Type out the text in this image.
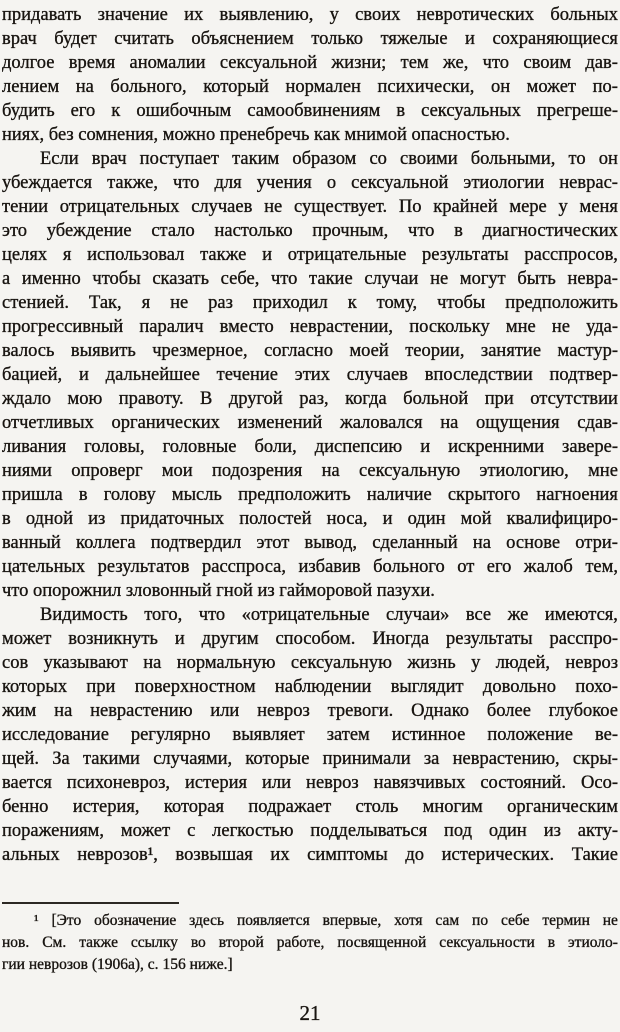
придавать значение их выявлению, у своих невротических больных
врач будет считать объяснением только тяжелые и сохраняющиеся
долгое время аномалии сексуальной жизни; тем же, что своим дав-
лением на больного, который нормален психически, он может по-
будить его к ошибочным самообвинениям в сексуальных прегреше-
ниях, без сомнения, можно пренебречь как мнимой опасностью.
Если врач поступает таким образом со своими больными, то он
убеждается также, что для учения о сексуальной этиологии неврас-
тении отрицательных случаев не существует. По крайней мере у меня
это убеждение стало настолько прочным, что в диагностических
целях я использовал также и отрицательные результаты расспросов,
а именно чтобы сказать себе, что такие случаи не могут быть невра-
стенией. Так, я не раз приходил к тому, чтобы предположить
прогрессивный паралич вместо неврастении, поскольку мне не уда-
валось выявить чрезмерное, согласно моей теории, занятие мастур-
бацией, и дальнейшее течение этих случаев впоследствии подтвер-
ждало мою правоту. В другой раз, когда больной при отсутствии
отчетливых органических изменений жаловался на ощущения сдав-
ливания головы, головные боли, диспепсию и искренними завере-
ниями опроверг мои подозрения на сексуальную этиологию, мне
пришла в голову мысль предположить наличие скрытого нагноения
в одной из придаточных полостей носа, и один мой квалифициро-
ванный коллега подтвердил этот вывод, сделанный на основе отри-
цательных результатов расспроса, избавив больного от его жалоб тем,
что опорожнил зловонный гной из гайморовой пазухи.
Видимость того, что «отрицательные случаи» все же имеются,
может возникнуть и другим способом. Иногда результаты расспро-
сов указывают на нормальную сексуальную жизнь у людей, невроз
которых при поверхностном наблюдении выглядит довольно похо-
жим на неврастению или невроз тревоги. Однако более глубокое
исследование регулярно выявляет затем истинное положение ве-
щей. За такими случаями, которые принимали за неврастению, скры-
вается психоневроз, истерия или невроз навязчивых состояний. Осо-
бенно истерия, которая подражает столь многим органическим
поражениям, может с легкостью подделываться под один из акту-
альных неврозов¹, возвышая их симптомы до истерических. Такие
¹ [Это обозначение здесь появляется впервые, хотя сам по себе термин не
нов. См. также ссылку во второй работе, посвященной сексуальности в этиоло-
гии неврозов (1906а), с. 156 ниже.]
21
